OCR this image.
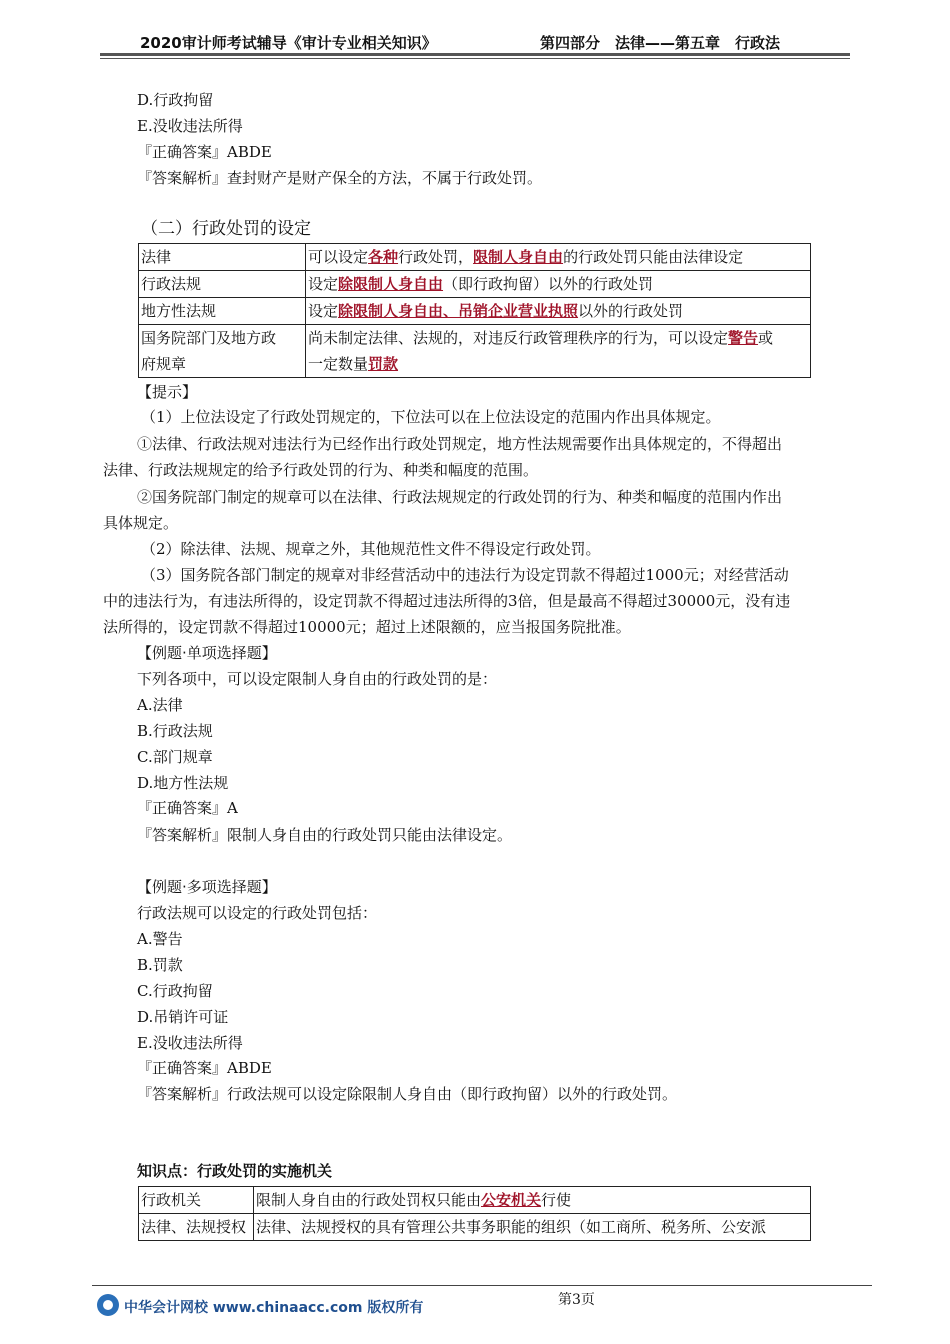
2020审计师考试辅导《审计专业相关知识》	第四部分　法律——第五章　行政法
D.行政拘留
E.没收违法所得
『正确答案』ABDE
『答案解析』查封财产是财产保全的方法，不属于行政处罚。
（二）行政处罚的设定
法律	可以设定各种行政处罚，限制人身自由的行政处罚只能由法律设定
行政法规	设定除限制人身自由（即行政拘留）以外的行政处罚
地方性法规	设定除限制人身自由、吊销企业营业执照以外的行政处罚
国务院部门及地方政
府规章	尚未制定法律、法规的，对违反行政管理秩序的行为，可以设定警告或
一定数量罚款
【提示】
（1）上位法设定了行政处罚规定的，下位法可以在上位法设定的范围内作出具体规定。
①法律、行政法规对违法行为已经作出行政处罚规定，地方性法规需要作出具体规定的，不得超出
法律、行政法规规定的给予行政处罚的行为、种类和幅度的范围。
②国务院部门制定的规章可以在法律、行政法规规定的行政处罚的行为、种类和幅度的范围内作出
具体规定。
（2）除法律、法规、规章之外，其他规范性文件不得设定行政处罚。
（3）国务院各部门制定的规章对非经营活动中的违法行为设定罚款不得超过1000元；对经营活动
中的违法行为，有违法所得的，设定罚款不得超过违法所得的3倍，但是最高不得超过30000元，没有违
法所得的，设定罚款不得超过10000元；超过上述限额的，应当报国务院批准。
【例题·单项选择题】
下列各项中，可以设定限制人身自由的行政处罚的是：
A.法律
B.行政法规
C.部门规章
D.地方性法规
『正确答案』A
『答案解析』限制人身自由的行政处罚只能由法律设定。
【例题·多项选择题】
行政法规可以设定的行政处罚包括：
A.警告
B.罚款
C.行政拘留
D.吊销许可证
E.没收违法所得
『正确答案』ABDE
『答案解析』行政法规可以设定除限制人身自由（即行政拘留）以外的行政处罚。
知识点：行政处罚的实施机关
行政机关	限制人身自由的行政处罚权只能由公安机关行使
法律、法规授权	法律、法规授权的具有管理公共事务职能的组织（如工商所、税务所、公安派
第3页
中华会计网校 www.chinaacc.com 版权所有
